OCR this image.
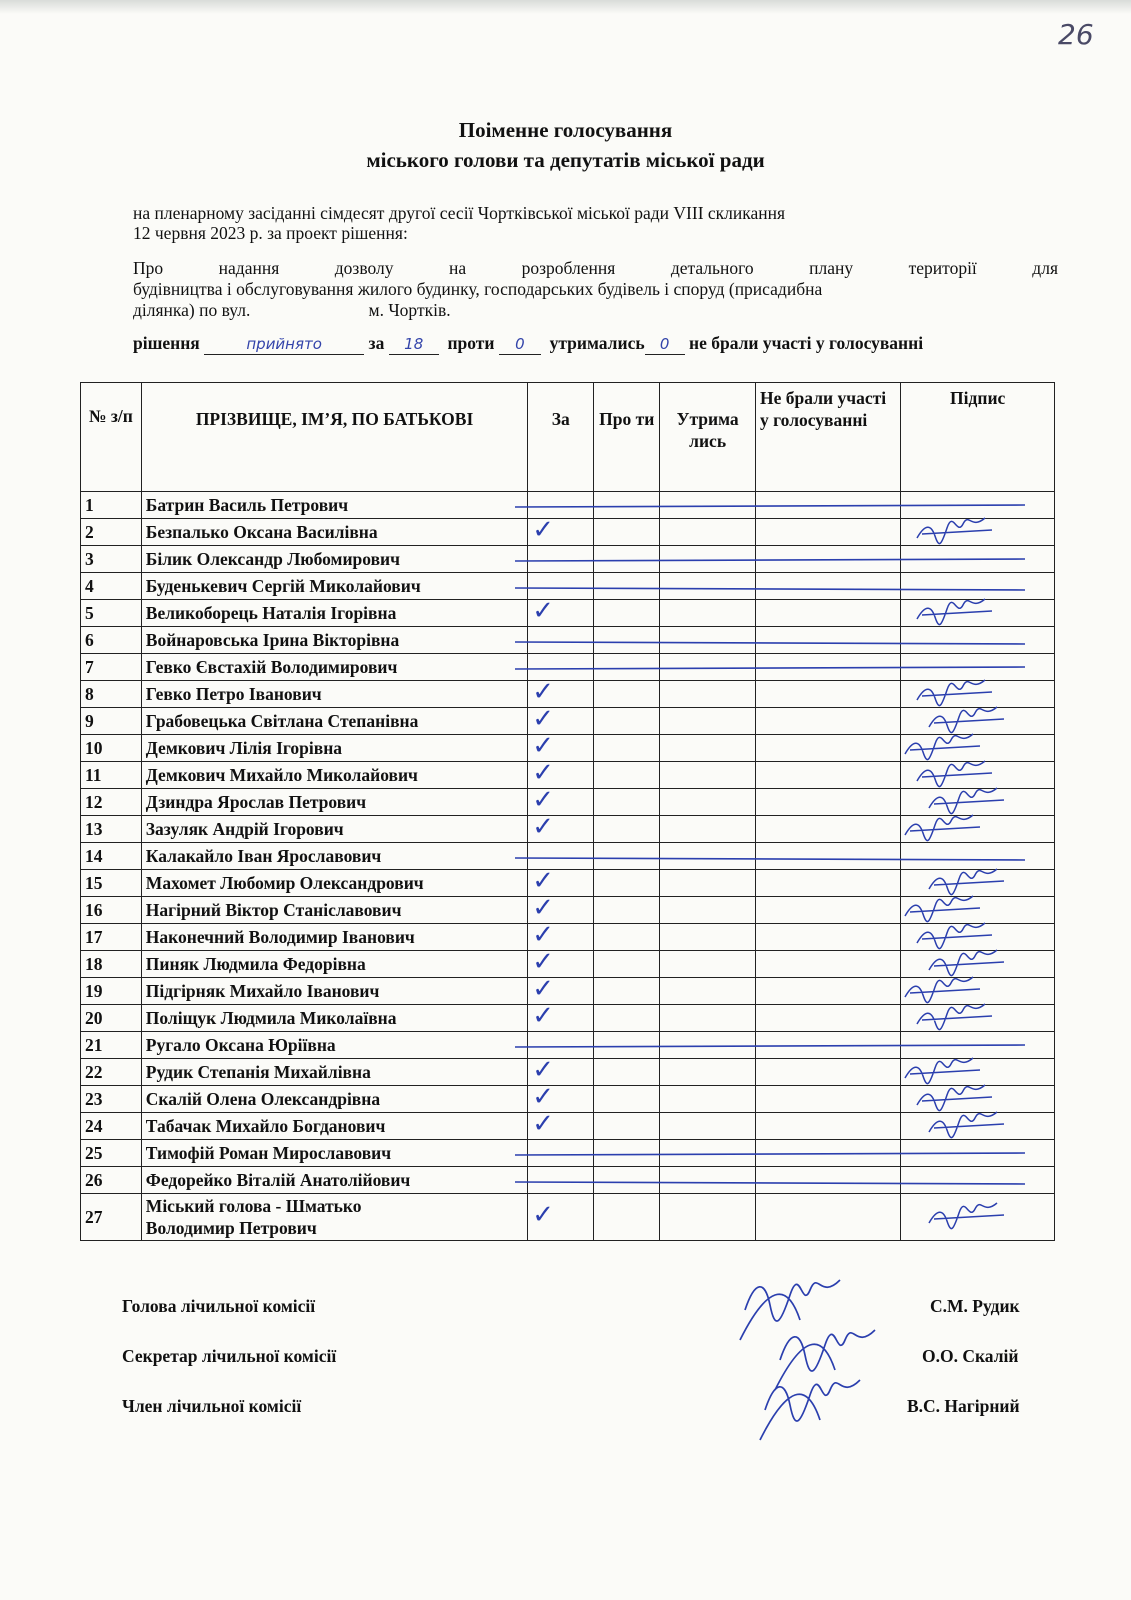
26
Поіменне голосування
міського голови та депутатів міської ради
на пленарному засіданні сімдесят другої сесії Чортківської міської ради VIII скликання
12 червня 2023 р. за проект рішення:
Про надання дозволу на розроблення детального плану території для
будівництва і обслуговування жилого будинку, господарських будівель і споруд (присадибна
ділянка) по вул.                           м. Чортків.
рішення	прийнято	за 18 проти 0 утримались 0 не брали участі у голосуванні
№ з/п	ПРІЗВИЩЕ, ІМ’Я, ПО БАТЬКОВІ	За	Про ти	Утрима лись	Не брали участі у голосуванні	Підпис
1	Батрин Василь Петрович					
2	Безпалько Оксана Василівна	✓				
3	Білик Олександр Любомирович					
4	Буденькевич Сергій Миколайович					
5	Великоборець Наталія Ігорівна	✓				
6	Войнаровська Ірина Вікторівна					
7	Гевко Євстахій Володимирович					
8	Гевко Петро Іванович	✓				
9	Грабовецька Світлана Степанівна	✓				
10	Демкович Лілія Ігорівна	✓				
11	Демкович Михайло Миколайович	✓				
12	Дзиндра Ярослав Петрович	✓				
13	Зазуляк Андрій Ігорович	✓				
14	Калакайло Іван Ярославович					
15	Махомет Любомир Олександрович	✓				
16	Нагірний Віктор Станіславович	✓				
17	Наконечний Володимир Іванович	✓				
18	Пиняк Людмила Федорівна	✓				
19	Підгірняк Михайло Іванович	✓				
20	Поліщук Людмила Миколаївна	✓				
21	Ругало Оксана Юріївна					
22	Рудик Степанія Михайлівна	✓				
23	Скалій Олена Олександрівна	✓				
24	Табачак Михайло Богданович	✓				
25	Тимофій Роман Мирославович					
26	Федорейко Віталій Анатолійович					
27	Міський голова - Шматько
Володимир Петрович	✓				
Голова лічильної комісії
Секретар лічильної комісії
Член лічильної комісії
С.М. Рудик
О.О. Скалій
В.С. Нагірний
